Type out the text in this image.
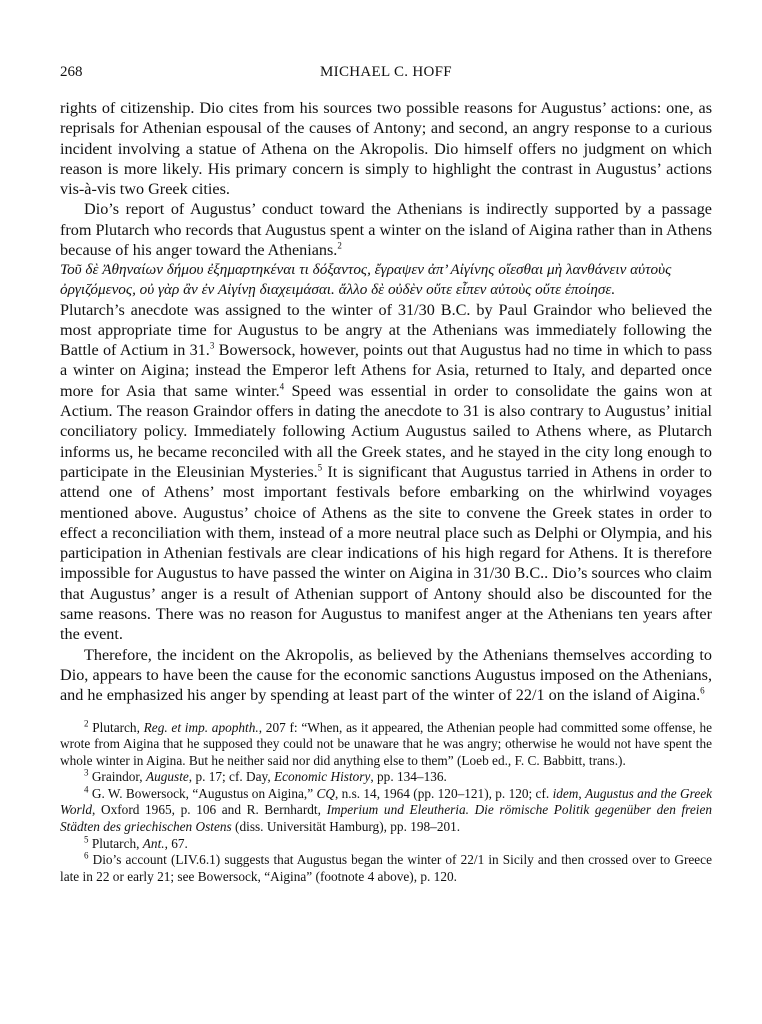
268	MICHAEL C. HOFF

rights of citizenship. Dio cites from his sources two possible reasons for Augustus’ actions: one, as reprisals for Athenian espousal of the causes of Antony; and second, an angry response to a curious incident involving a statue of Athena on the Akropolis. Dio himself offers no judgment on which reason is more likely. His primary concern is simply to highlight the contrast in Augustus’ actions vis-à-vis two Greek cities.

Dio’s report of Augustus’ conduct toward the Athenians is indirectly supported by a passage from Plutarch who records that Augustus spent a winter on the island of Aigina rather than in Athens because of his anger toward the Athenians.$^2$

Τοῦ δὲ Ἀθηναίων δήμου ἐξημαρτηκέναι τι δόξαντος, ἔγραψεν ἀπ’ Αἰγίνης οἴεσθαι μὴ λανθάνειν αὐτοὺς ὀργιζόμενος, οὐ γὰρ ἂν ἐν Αἰγίνῃ διαχειμάσαι. ἄλλο δὲ οὐδὲν οὔτε εἶπεν αὐτοὺς οὔτε ἐποίησε.

Plutarch’s anecdote was assigned to the winter of 31/30 B.C. by Paul Graindor who believed the most appropriate time for Augustus to be angry at the Athenians was immediately following the Battle of Actium in 31.$^3$ Bowersock, however, points out that Augustus had no time in which to pass a winter on Aigina; instead the Emperor left Athens for Asia, returned to Italy, and departed once more for Asia that same winter.$^4$ Speed was essential in order to consolidate the gains won at Actium. The reason Graindor offers in dating the anecdote to 31 is also contrary to Augustus’ initial conciliatory policy. Immediately following Actium Augustus sailed to Athens where, as Plutarch informs us, he became reconciled with all the Greek states, and he stayed in the city long enough to participate in the Eleusinian Mysteries.$^5$ It is significant that Augustus tarried in Athens in order to attend one of Athens’ most important festivals before embarking on the whirlwind voyages mentioned above. Augustus’ choice of Athens as the site to convene the Greek states in order to effect a reconciliation with them, instead of a more neutral place such as Delphi or Olympia, and his participation in Athenian festivals are clear indications of his high regard for Athens. It is therefore impossible for Augustus to have passed the winter on Aigina in 31/30 B.C.. Dio’s sources who claim that Augustus’ anger is a result of Athenian support of Antony should also be discounted for the same reasons. There was no reason for Augustus to manifest anger at the Athenians ten years after the event.

Therefore, the incident on the Akropolis, as believed by the Athenians themselves according to Dio, appears to have been the cause for the economic sanctions Augustus imposed on the Athenians, and he emphasized his anger by spending at least part of the winter of 22/1 on the island of Aigina.$^6$

$^2$ Plutarch, Reg. et imp. apophth., 207 f: “When, as it appeared, the Athenian people had committed some offense, he wrote from Aigina that he supposed they could not be unaware that he was angry; otherwise he would not have spent the whole winter in Aigina. But he neither said nor did anything else to them” (Loeb ed., F. C. Babbitt, trans.).

$^3$ Graindor, Auguste, p. 17; cf. Day, Economic History, pp. 134–136.

$^4$ G. W. Bowersock, “Augustus on Aigina,” CQ, n.s. 14, 1964 (pp. 120–121), p. 120; cf. idem, Augustus and the Greek World, Oxford 1965, p. 106 and R. Bernhardt, Imperium und Eleutheria. Die römische Politik gegenüber den freien Städten des griechischen Ostens (diss. Universität Hamburg), pp. 198–201.

$^5$ Plutarch, Ant., 67.

$^6$ Dio’s account (LIV.6.1) suggests that Augustus began the winter of 22/1 in Sicily and then crossed over to Greece late in 22 or early 21; see Bowersock, “Aigina” (footnote 4 above), p. 120.
